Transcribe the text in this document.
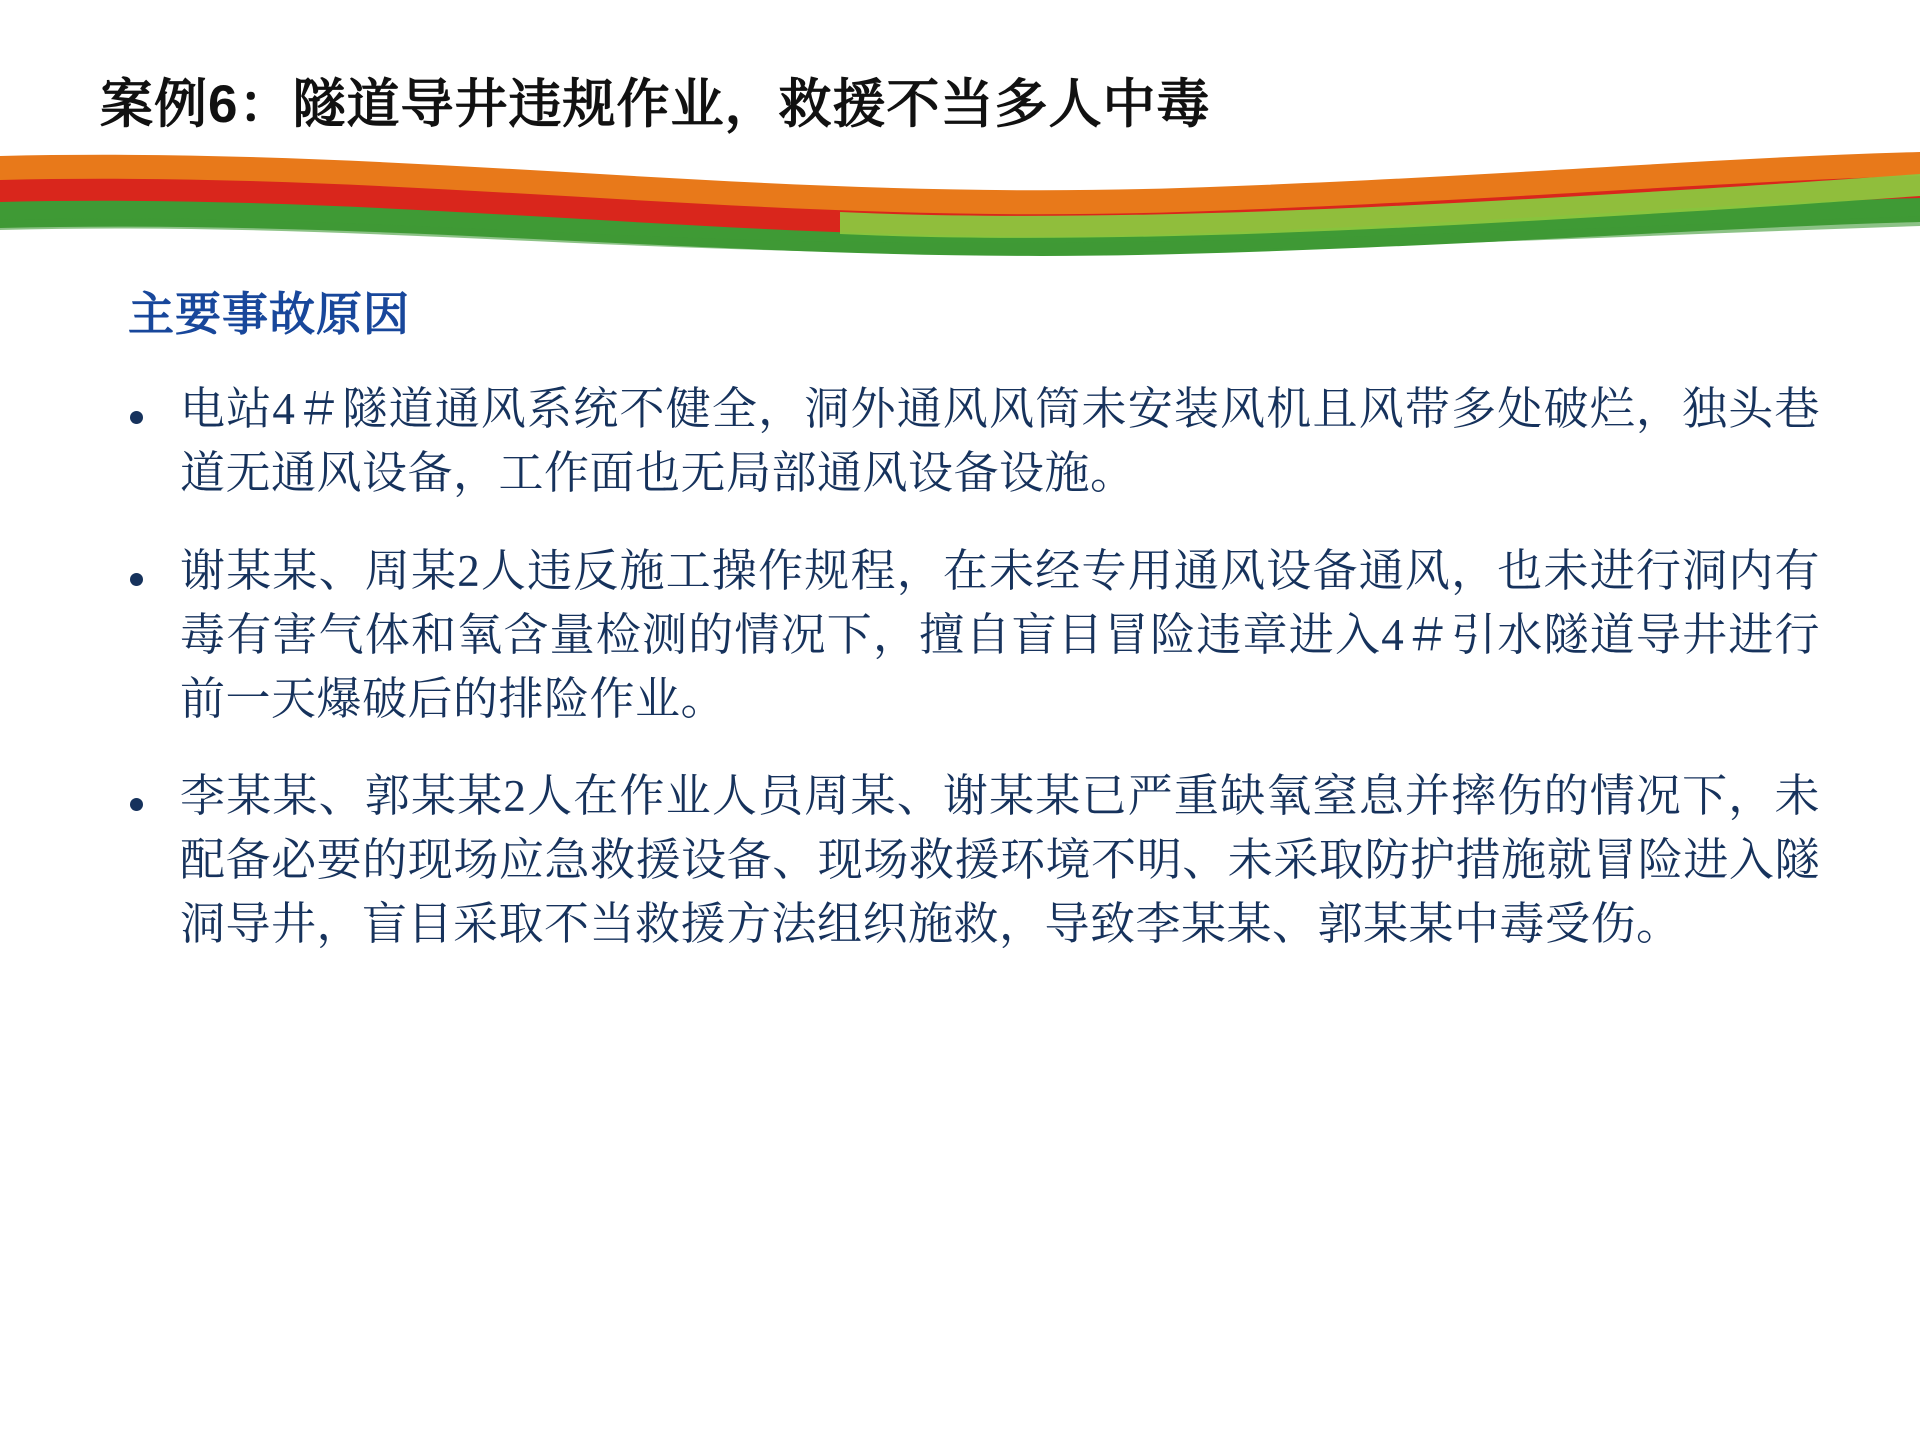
案例6：隧道导井违规作业，救援不当多人中毒
主要事故原因
电站4＃隧道通风系统不健全，洞外通风风筒未安装风机且风带多处破烂，独头巷道无通风设备，工作面也无局部通风设备设施。
谢某某、周某2人违反施工操作规程，在未经专用通风设备通风，也未进行洞内有毒有害气体和氧含量检测的情况下，擅自盲目冒险违章进入4＃引水隧道导井进行前一天爆破后的排险作业。
李某某、郭某某2人在作业人员周某、谢某某已严重缺氧窒息并摔伤的情况下，未配备必要的现场应急救援设备、现场救援环境不明、未采取防护措施就冒险进入隧洞导井，盲目采取不当救援方法组织施救，导致李某某、郭某某中毒受伤。
